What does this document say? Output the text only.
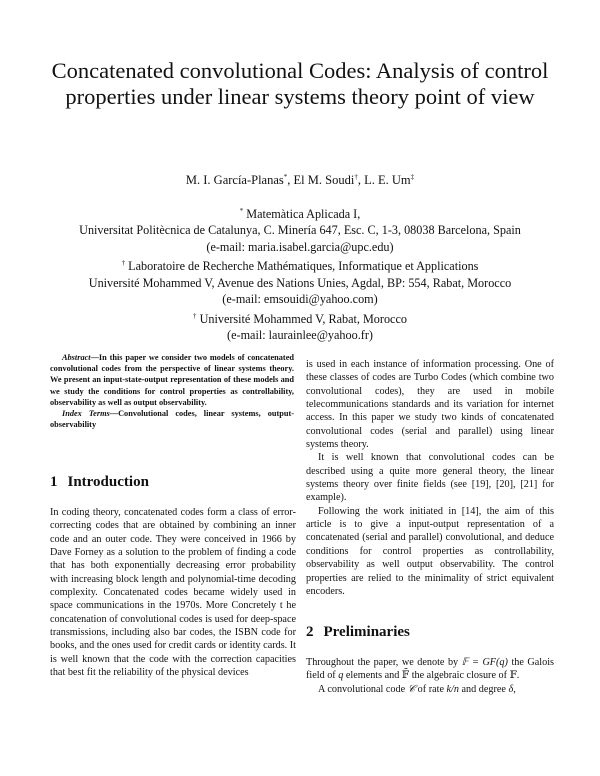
Concatenated convolutional Codes: Analysis of control properties under linear systems theory point of view
M. I. García-Planas*, El M. Soudi†, L. E. Um‡
* Matemàtica Aplicada I,
Universitat Politècnica de Catalunya, C. Minería 647, Esc. C, 1-3, 08038 Barcelona, Spain
(e-mail: maria.isabel.garcia@upc.edu)
† Laboratoire de Recherche Mathématiques, Informatique et Applications
Université Mohammed V, Avenue des Nations Unies, Agdal, BP: 554, Rabat, Morocco
(e-mail: emsouidi@yahoo.com)
† Université Mohammed V, Rabat, Morocco
(e-mail: laurainlee@yahoo.fr)
Abstract—In this paper we consider two models of concatenated convolutional codes from the perspective of linear systems theory. We present an input-state-output representation of these models and we study the conditions for control properties as controllability, observability as well as output observability.
Index Terms—Convolutional codes, linear systems, output-observability
1 Introduction

In coding theory, concatenated codes form a class of error-correcting codes that are obtained by combining an inner code and an outer code. They were conceived in 1966 by Dave Forney as a solution to the problem of finding a code that has both exponentially decreasing error probability with increasing block length and polynomial-time decoding complexity. Concatenated codes became widely used in space communications in the 1970s. More Concretely t he concatenation of convolutional codes is used for deep-space transmissions, including also bar codes, the ISBN code for books, and the ones used for credit cards or identity cards. It is well known that the code with the correction capacities that best fit the reliability of the physical devices

is used in each instance of information processing. One of these classes of codes are Turbo Codes (which combine two convolutional codes), they are used in mobile telecommunications standards and its variation for internet access. In this paper we study two kinds of concatenated convolutional codes (serial and parallel) using linear systems theory.

It is well known that convolutional codes can be described using a quite more general theory, the linear systems theory over finite fields (see [19], [20], [21] for example).

Following the work initiated in [14], the aim of this article is to give a input-output representation of a concatenated (serial and parallel) convolutional, and deduce conditions for control properties as controllability, observability as well output observability. The control properties are relied to the minimality of strict equivalent encoders.

2 Preliminaries

Throughout the paper, we denote by 𝔽 = GF(q) the Galois field of q elements and 𝔽̄ the algebraic closure of 𝔽.

A convolutional code 𝒞 of rate k/n and degree δ,
